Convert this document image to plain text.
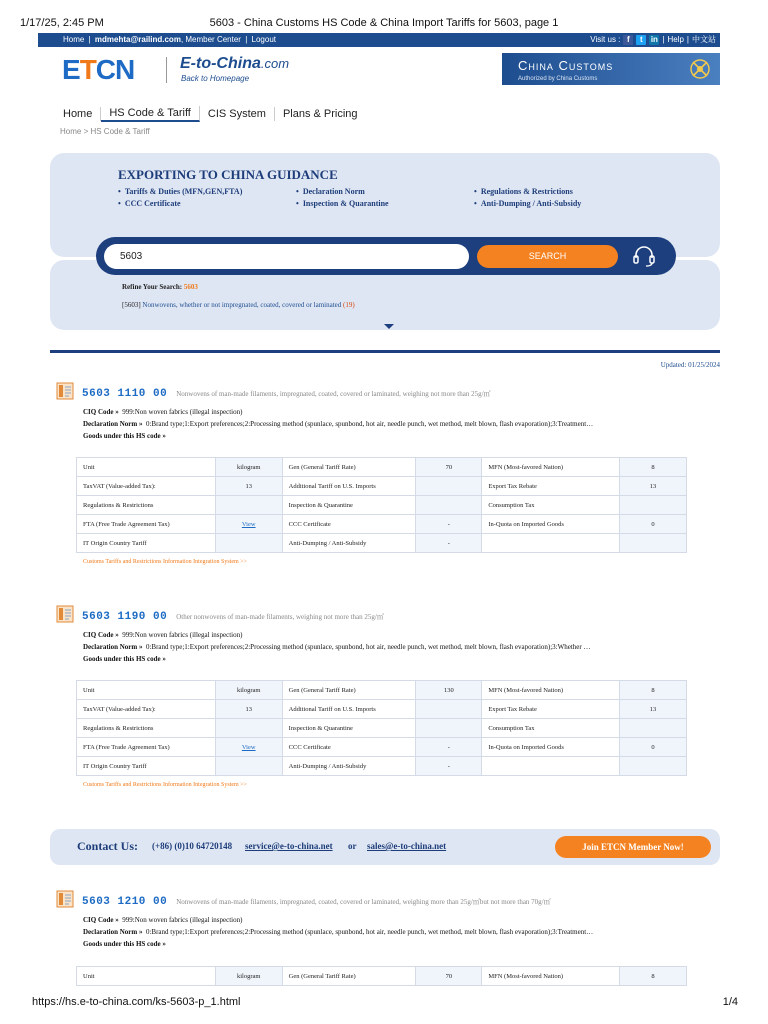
1/17/25, 2:45 PM	5603 - China Customs HS Code & China Import Tariffs for 5603, page 1
Home | mdmehta@railind.com, Member Center | Logout	Visit us : f	t	in | Help | 中文站
ETCN	E-to-China.com
Back to Homepage
China Customs
Authorized by China Customs
Home	HS Code & Tariff	CIS System	Plans & Pricing
Home > HS Code & Tariff
EXPORTING TO CHINA GUIDANCE
• Tariffs & Duties (MFN,GEN,FTA)	• Declaration Norm	• Regulations & Restrictions
• CCC Certificate	• Inspection & Quarantine	• Anti-Dumping / Anti-Subsidy
Refine Your Search: 5603
[5603] Nonwovens, whether or not impregnated, coated, covered or laminated (19)
5603
SEARCH
Updated: 01/25/2024
5603 1110 00 Nonwovens of man-made filaments, impregnated, coated, covered or laminated, weighing not more than 25g/㎡
CIQ Code » 999:Non woven fabrics (illegal inspection)
Declaration Norm » 0:Brand type;1:Export preferences;2:Processing method (spunlace, spunbond, hot air, needle punch, wet method, melt blown, flash evaporation);3:Treatment…
Goods under this HS code »
Unit	kilogram	Gen (General Tariff Rate)	70	MFN (Most-favored Nation)	8
TaxVAT (Value-added Tax):	13	Additional Tariff on U.S. Imports		Export Tax Rebate	13
Regulations & Restrictions		Inspection & Quarantine		Consumption Tax	
FTA (Free Trade Agreement Tax)	View	CCC Certificate	-	In-Quota on Imported Goods	0
IT Origin Country Tariff		Anti-Dumping / Anti-Subsidy	-		
Customs Tariffs and Restrictions Information Integration System >>
5603 1190 00 Other nonwovens of man-made filaments, weighing not more than 25g/㎡
CIQ Code » 999:Non woven fabrics (illegal inspection)
Declaration Norm » 0:Brand type;1:Export preferences;2:Processing method (spunlace, spunbond, hot air, needle punch, wet method, melt blown, flash evaporation);3:Whether …
Goods under this HS code »
Unit	kilogram	Gen (General Tariff Rate)	130	MFN (Most-favored Nation)	8
TaxVAT (Value-added Tax):	13	Additional Tariff on U.S. Imports		Export Tax Rebate	13
Regulations & Restrictions		Inspection & Quarantine		Consumption Tax	
FTA (Free Trade Agreement Tax)	View	CCC Certificate	-	In-Quota on Imported Goods	0
IT Origin Country Tariff		Anti-Dumping / Anti-Subsidy	-		
Customs Tariffs and Restrictions Information Integration System >>
Contact Us: (+86) (0)10 64720148 service@e-to-china.net or sales@e-to-china.net	Join ETCN Member Now!
5603 1210 00 Nonwovens of man-made filaments, impregnated, coated, covered or laminated, weighing more than 25g/㎡but not more than 70g/㎡
CIQ Code » 999:Non woven fabrics (illegal inspection)
Declaration Norm » 0:Brand type;1:Export preferences;2:Processing method (spunlace, spunbond, hot air, needle punch, wet method, melt blown, flash evaporation);3:Treatment…
Goods under this HS code »
Unit	kilogram	Gen (General Tariff Rate)	70	MFN (Most-favored Nation)	8
https://hs.e-to-china.com/ks-5603-p_1.html	1/4
